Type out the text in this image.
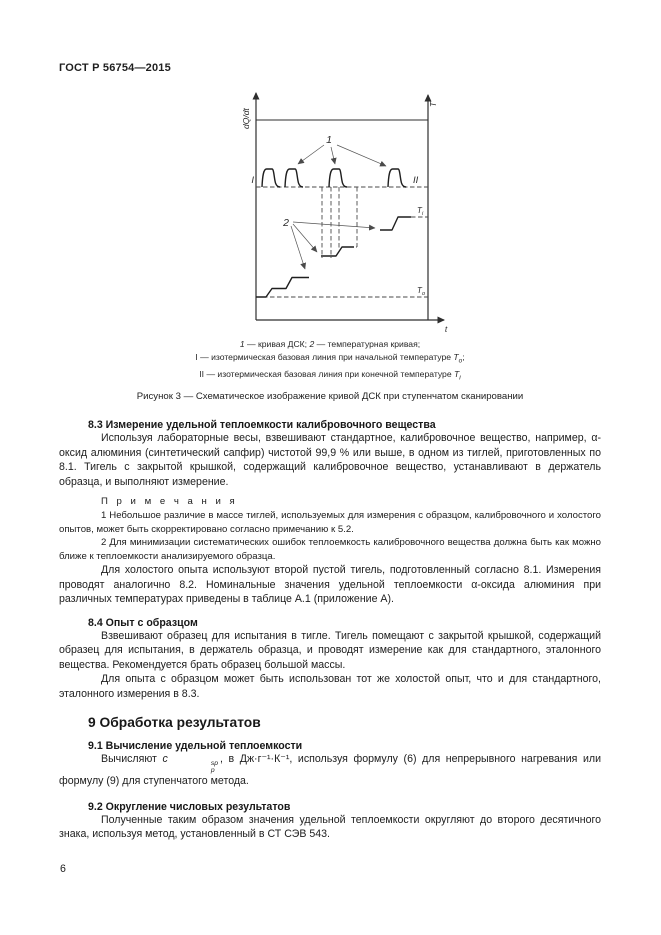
ГОСТ Р 56754—2015
dQ/dt
T
t
1
2
I	II
T i
T o
1 — кривая ДСК; 2 — температурная кривая;
I — изотермическая базовая линия при начальной температуре $T_o$;
II — изотермическая базовая линия при конечной температуре $T_i$
Рисунок 3 — Схематическое изображение кривой ДСК при ступенчатом сканировании
8.3 Измерение удельной теплоемкости калибровочного вещества

Используя лабораторные весы, взвешивают стандартное, калибровочное вещество, например, α-оксид алюминия (синтетический сапфир) чистотой 99,9 % или выше, в одном из тиглей, приготовленных по 8.1. Тигель с закрытой крышкой, содержащий калибровочное вещество, устанавливают в держатель образца, и выполняют измерение.

П р и м е ч а н и я

1 Небольшое различие в массе тиглей, используемых для измерения с образцом, калибровочного и холостого опытов, может быть скорректировано согласно примечанию к 5.2.

2 Для минимизации систематических ошибок теплоемкость калибровочного вещества должна быть как можно ближе к теплоемкости анализируемого образца.

Для холостого опыта используют второй пустой тигель, подготовленный согласно 8.1. Измерения проводят аналогично 8.2. Номинальные значения удельной теплоемкости α-оксида алюминия при различных температурах приведены в таблице А.1 (приложение А).

8.4 Опыт с образцом

Взвешивают образец для испытания в тигле. Тигель помещают с закрытой крышкой, содержащий образец для испытания, в держатель образца, и проводят измерение как для стандартного, эталонного вещества. Рекомендуется брать образец большой массы.

Для опыта с образцом может быть использован тот же холостой опыт, что и для стандартного, эталонного измерения в 8.3.

9 Обработка результатов
9.1 Вычисление удельной теплоемкости

Вычисляют c	sp
p
, в Дж·г⁻¹·К⁻¹, используя формулу (6) для непрерывного нагревания или формулу (9) для ступенчатого метода.

9.2 Округление числовых результатов

Полученные таким образом значения удельной теплоемкости округляют до второго десятичного знака, используя метод, установленный в СТ СЭВ 543.

6
